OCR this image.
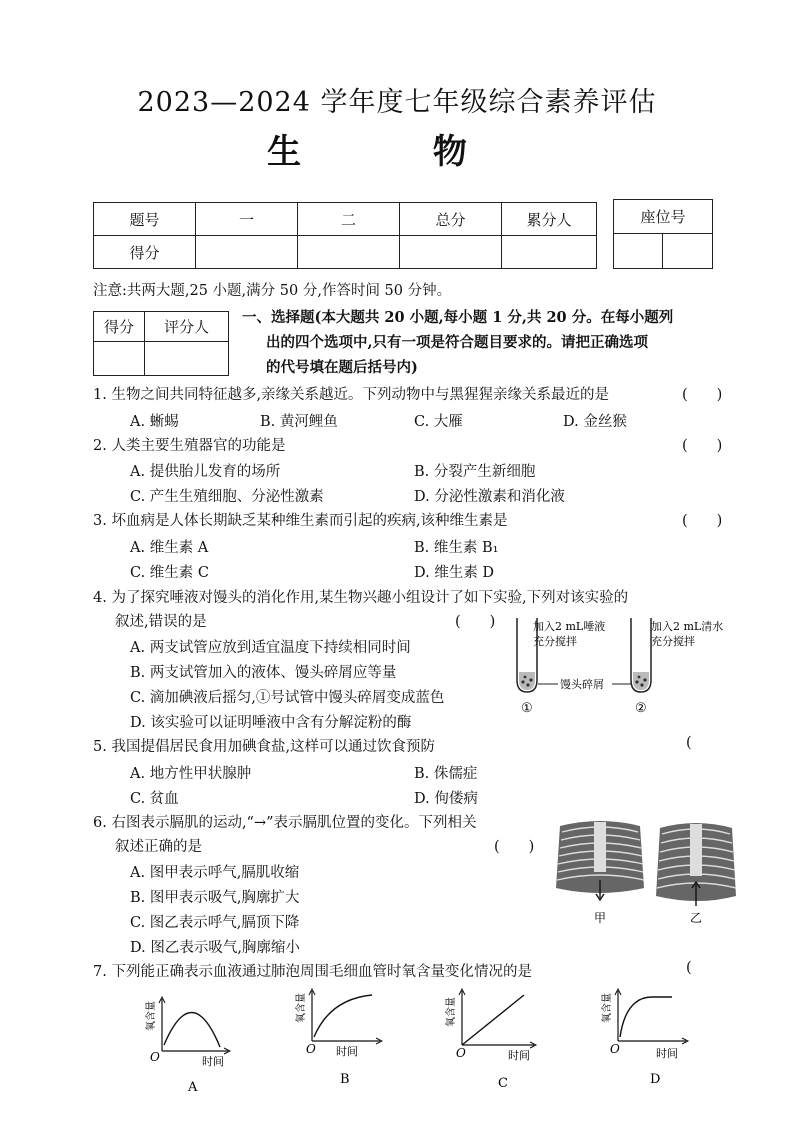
2023—2024 学年度七年级综合素养评估
生 物
题号	一	二	总分	累分人
得分				
座位号

注意:共两大题,25 小题,满分 50 分,作答时间 50 分钟。
得分	评分人

一、选择题(本大题共 20 小题,每小题 1 分,共 20 分。在每小题列
出的四个选项中,只有一项是符合题目要求的。请把正确选项
的代号填在题后括号内)
1. 生物之间共同特征越多,亲缘关系越近。下列动物中与黑猩猩亲缘关系最近的是	(　　)
A. 蜥蜴	B. 黄河鲤鱼	C. 大雁	D. 金丝猴
2. 人类主要生殖器官的功能是	(　　)
A. 提供胎儿发育的场所	B. 分裂产生新细胞
C. 产生生殖细胞、分泌性激素	D. 分泌性激素和消化液
3. 坏血病是人体长期缺乏某种维生素而引起的疾病,该种维生素是	(　　)
A. 维生素 A	B. 维生素 B₁
C. 维生素 C	D. 维生素 D
4. 为了探究唾液对馒头的消化作用,某生物兴趣小组设计了如下实验,下列对该实验的
叙述,错误的是	(　　)
A. 两支试管应放到适宜温度下持续相同时间
B. 两支试管加入的液体、馒头碎屑应等量
C. 滴加碘液后摇匀,①号试管中馒头碎屑变成蓝色
D. 该实验可以证明唾液中含有分解淀粉的酶
加入2 mL唾液
充分搅拌
加入2 mL清水
充分搅拌
馒头碎屑
①	②
5. 我国提倡居民食用加碘食盐,这样可以通过饮食预防	(
A. 地方性甲状腺肿	B. 侏儒症
C. 贫血	D. 佝偻病
6. 右图表示膈肌的运动,“→”表示膈肌位置的变化。下列相关
叙述正确的是	(　　)
A. 图甲表示呼气,膈肌收缩
B. 图甲表示吸气,胸廓扩大
C. 图乙表示呼气,膈顶下降
D. 图乙表示吸气,胸廓缩小
甲	乙
7. 下列能正确表示血液通过肺泡周围毛细血管时氧含量变化情况的是	(
氧含量
O	时间
A
氧含量
O 时间
B
氧含量
O	时间
C
氧含量
O	时间
D
